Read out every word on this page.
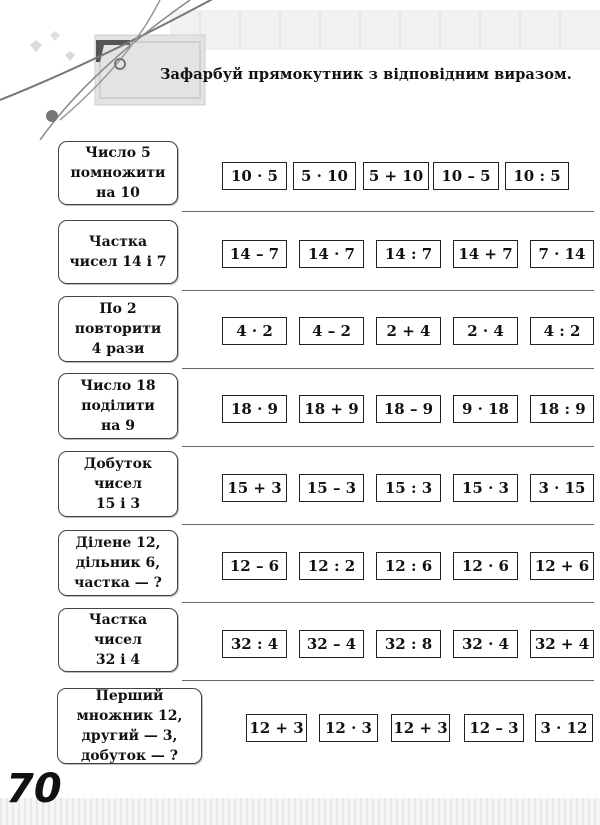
Зафарбуй прямокутник з відповідним виразом.
Число 5
помножити
на 10
10 · 5	5 · 10	5 + 10	10 – 5	10 : 5
Частка
чисел 14 і 7	14 – 7	14 · 7	14 : 7	14 + 7	7 · 14
По 2
повторити
4 рази
4 · 2	4 – 2	2 + 4	2 · 4	4 : 2
Число 18
поділити
на 9
18 · 9	18 + 9	18 – 9	9 · 18	18 : 9
Добуток чисел
15 і 3
15 + 3	15 – 3	15 : 3	15 · 3	3 · 15
Ділене 12,
дільник 6,
частка — ?
12 – 6	12 : 2	12 : 6	12 · 6	12 + 6
Частка чисел
32 і 4
32 : 4	32 – 4	32 : 8	32 · 4	32 + 4
Перший
множник 12,
другий — 3,
добуток — ?
12 + 3	12 · 3	12 + 3	12 – 3	3 · 12
70
